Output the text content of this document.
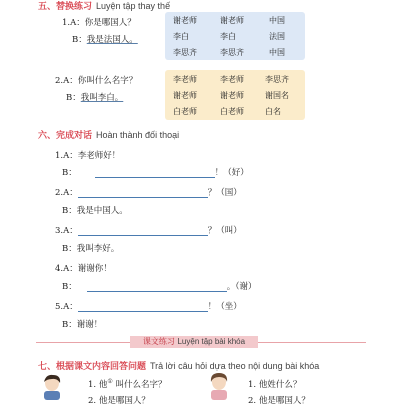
五、替换练习 Luyện tập thay thế
1.A：你是哪国人？
B：我是法国人。
谢老师	谢老师	中国
李白	李白	法国
李思齐	李思齐	中国
2.A：你叫什么名字？
B：我叫李白。
李老师	李老师	李思齐
谢老师	谢老师	谢国名
白老师	白老师	白名
六、完成对话 Hoàn thành đối thoại
1.A：李老师好！
B：	！（好）
2.A：	？（国）
B：我是中国人。
3.A：	？（叫）
B：我叫李好。
4.A：谢谢你！
B：	。（谢）
5.A：	！（坐）
B：谢谢！
课文练习 Luyện tập bài khóa
七、根据课文内容回答问题 Trả lời câu hỏi dựa theo nội dung bài khóa
1. 他① 叫什么名字？
2. 他是哪国人？
1. 他姓什么？
2. 他是哪国人？
